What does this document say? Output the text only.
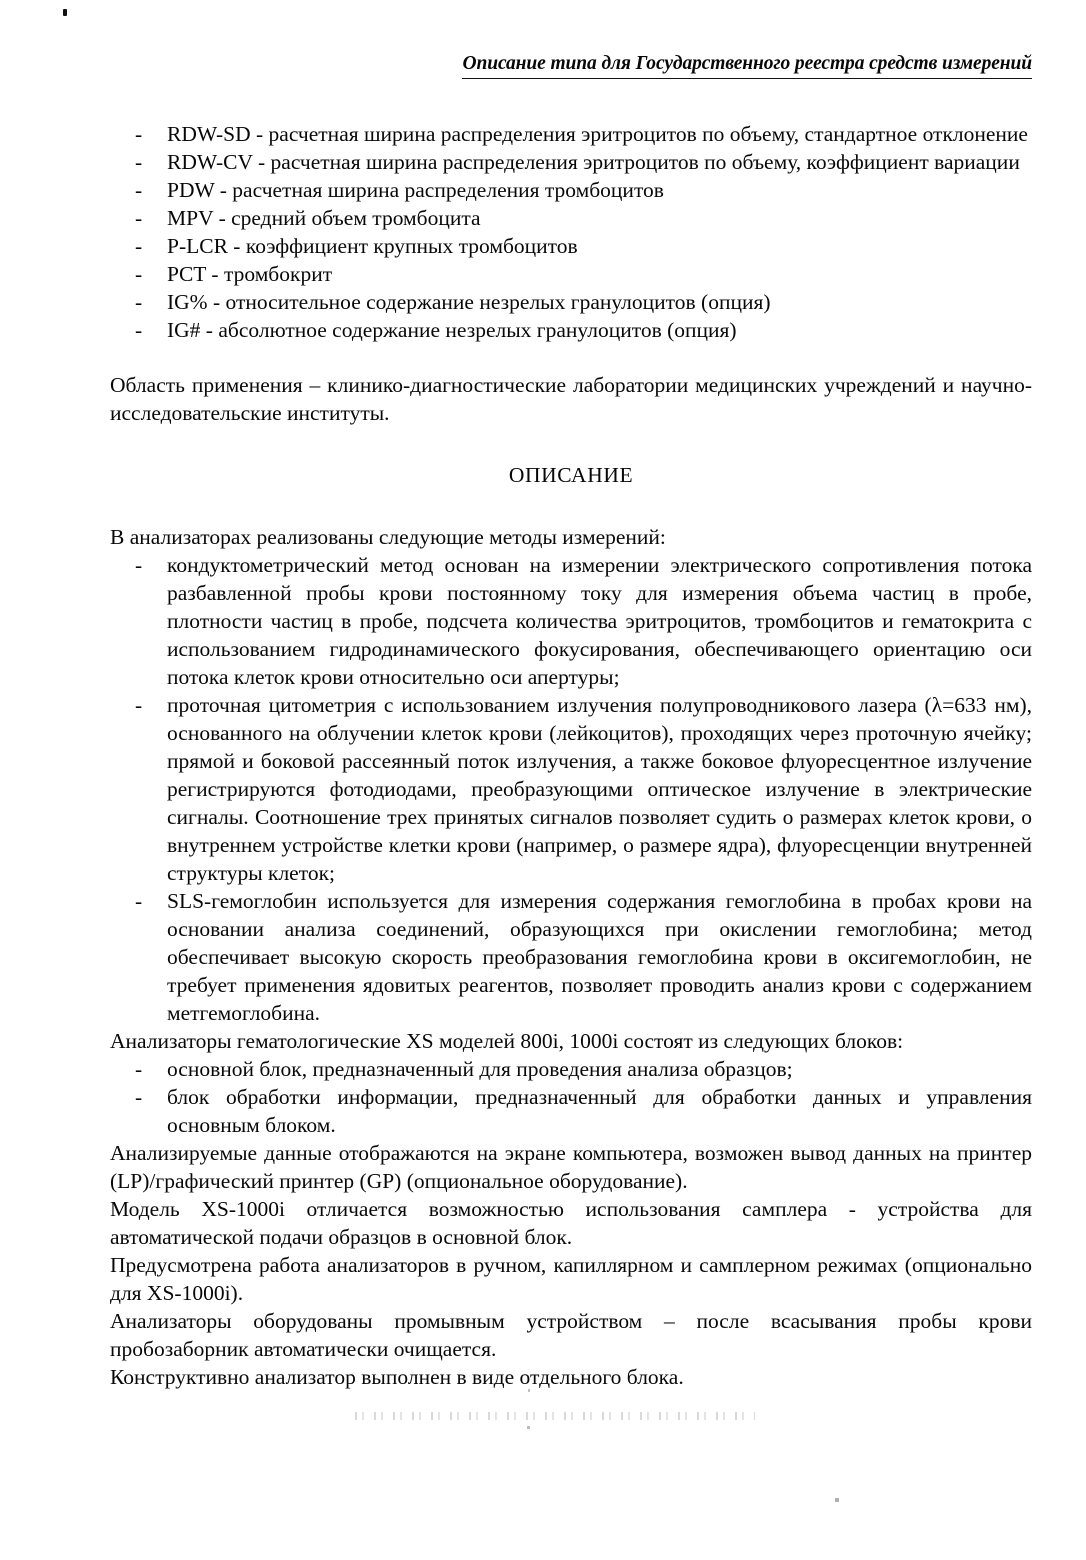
Описание типа для Государственного реестра средств измерений
-	RDW-SD - расчетная ширина распределения эритроцитов по объему, стандартное отклонение
-	RDW-CV - расчетная ширина распределения эритроцитов по объему, коэффициент вариации
-	PDW - расчетная ширина распределения тромбоцитов
-	MPV - средний объем тромбоцита
-	P-LCR - коэффициент крупных тромбоцитов
-	PCT - тромбокрит
-	IG% - относительное содержание незрелых гранулоцитов (опция)
-	IG# - абсолютное содержание незрелых гранулоцитов (опция)

Область применения – клинико-диагностические лаборатории медицинских учреждений и научно-исследовательские институты.

ОПИСАНИЕ

В анализаторах реализованы следующие методы измерений:

-	кондуктометрический метод основан на измерении электрического сопротивления потока разбавленной пробы крови постоянному току для измерения объема частиц в пробе, плотности частиц в пробе, подсчета количества эритроцитов, тромбоцитов и гематокрита с использованием гидродинамического фокусирования, обеспечивающего ориентацию оси потока клеток крови относительно оси апертуры;
-	проточная цитометрия с использованием излучения полупроводникового лазера (λ=633 нм), основанного на облучении клеток крови (лейкоцитов), проходящих через проточную ячейку; прямой и боковой рассеянный поток излучения, а также боковое флуоресцентное излучение регистрируются фотодиодами, преобразующими оптическое излучение в электрические сигналы. Соотношение трех принятых сигналов позволяет судить о размерах клеток крови, о внутреннем устройстве клетки крови (например, о размере ядра), флуоресценции внутренней структуры клеток;
-	SLS-гемоглобин используется для измерения содержания гемоглобина в пробах крови на основании анализа соединений, образующихся при окислении гемоглобина; метод обеспечивает высокую скорость преобразования гемоглобина крови в оксигемоглобин, не требует применения ядовитых реагентов, позволяет проводить анализ крови с содержанием метгемоглобина.

Анализаторы гематологические XS моделей 800i, 1000i состоят из следующих блоков:

-	основной блок, предназначенный для проведения анализа образцов;
-	блок обработки информации, предназначенный для обработки данных и управления основным блоком.

Анализируемые данные отображаются на экране компьютера, возможен вывод данных на принтер (LP)/графический принтер (GP) (опциональное оборудование).

Модель XS-1000i отличается возможностью использования самплера - устройства для автоматической подачи образцов в основной блок.

Предусмотрена работа анализаторов в ручном, капиллярном и самплерном режимах (опционально для XS-1000i).

Анализаторы оборудованы промывным устройством – после всасывания пробы крови пробозаборник автоматически очищается.

Конструктивно анализатор выполнен в виде отдельного блока.
